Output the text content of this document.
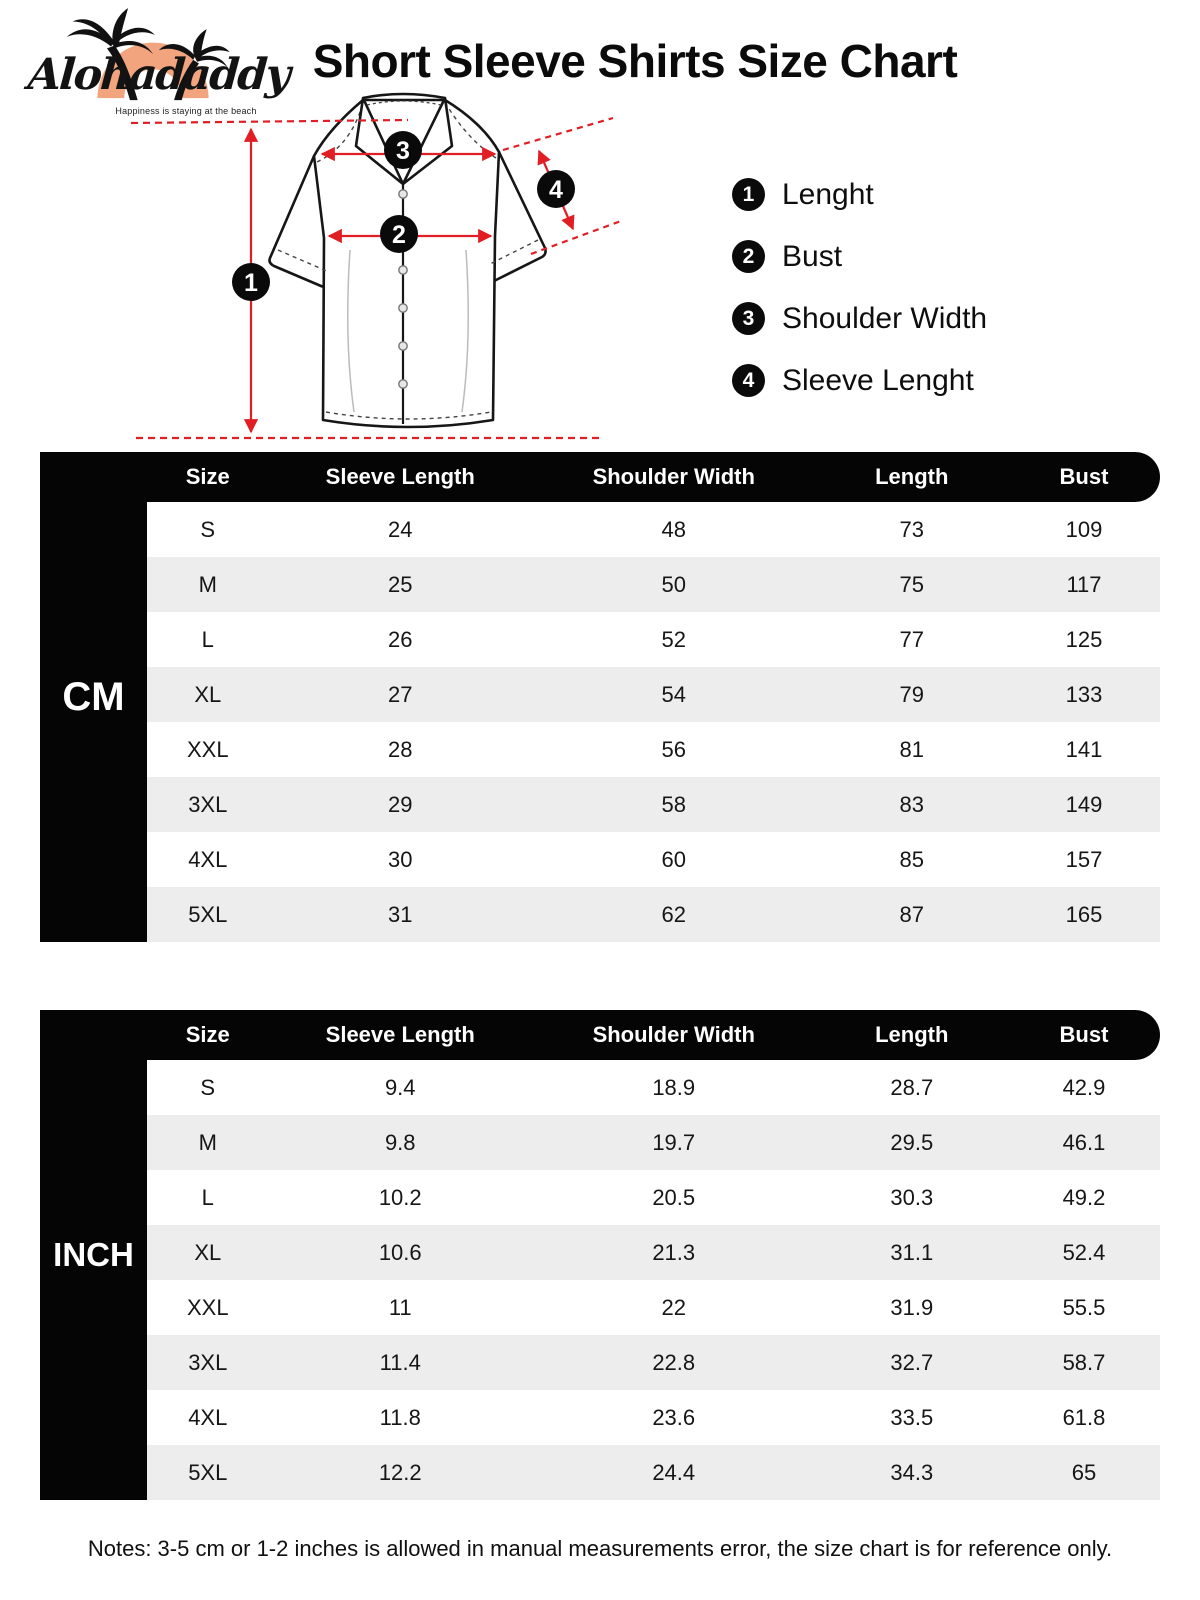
Alohadaddy
Happiness is staying at the beach
Short Sleeve Shirts Size Chart
1
2
3
4	1 Lenght
2 Bust
3 Shoulder Width
4 Sleeve Lenght
Size	Sleeve Length	Shoulder Width	Length	Bust
CM
S	24	48	73	109
M	25	50	75	117
L	26	52	77	125
XL	27	54	79	133
XXL	28	56	81	141
3XL	29	58	83	149
4XL	30	60	85	157
5XL	31	62	87	165
Size	Sleeve Length	Shoulder Width	Length	Bust
INCH
S	9.4	18.9	28.7	42.9
M	9.8	19.7	29.5	46.1
L	10.2	20.5	30.3	49.2
XL	10.6	21.3	31.1	52.4
XXL	11	22	31.9	55.5
3XL	11.4	22.8	32.7	58.7
4XL	11.8	23.6	33.5	61.8
5XL	12.2	24.4	34.3	65

Notes: 3-5 cm or 1-2 inches is allowed in manual measurements error, the size chart is for reference only.
